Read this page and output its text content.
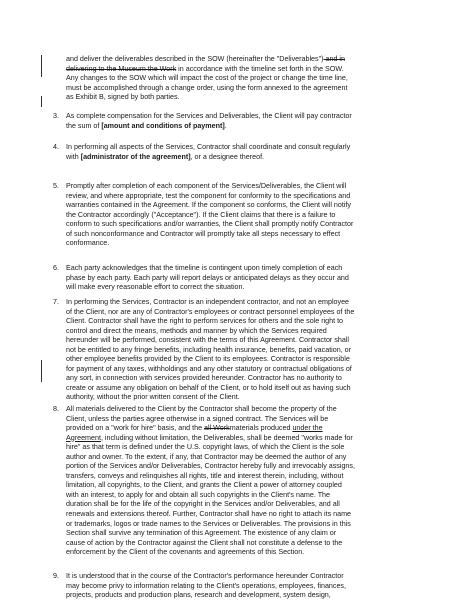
and deliver the deliverables described in the SOW (hereinafter the "Deliverables") and in
delivering to the Museum the Work in accordance with the timeline set forth in the SOW.
Any changes to the SOW which will impact the cost of the project or change the time line,
must be accomplished through a change order, using the form annexed to the agreement
as Exhibit B, signed by both parties.
3. As complete compensation for the Services and Deliverables, the Client will pay contractor
the sum of [amount and conditions of payment].
4. In performing all aspects of the Services, Contractor shall coordinate and consult regularly
with [administrator of the agreement], or a designee thereof.
5. Promptly after completion of each component of the Services/Deliverables, the Client will
review, and where appropriate, test the component for conformity to the specifications and
warranties contained in the Agreement. If the component so conforms, the Client will notify
the Contractor accordingly ("Acceptance"). If the Client claims that there is a failure to
conform to such specifications and/or warranties, the Client shall promptly notify Contractor
of such nonconformance and Contractor will promptly take all steps necessary to effect
conformance.
6. Each party acknowledges that the timeline is contingent upon timely completion of each
phase by each party. Each party will report delays or anticipated delays as they occur and
will make every reasonable effort to correct the situation.
7. In performing the Services, Contractor is an independent contractor, and not an employee
of the Client, nor are any of Contractor's employees or contract personnel employees of the
Client. Contractor shall have the right to perform services for others and the sole right to
control and direct the means, methods and manner by which the Services required
hereunder will be performed, consistent with the terms of this Agreement. Contractor shall
not be entitled to any fringe benefits, including health insurance, benefits, paid vacation, or
other employee benefits provided by the Client to its employees. Contractor is responsible
for payment of any taxes, withholdings and any other statutory or contractual obligations of
any sort, in connection with services provided hereunder. Contractor has no authority to
create or assume any obligation on behalf of the Client, or to hold itself out as having such
authority, without the prior written consent of the Client.
8. All materials delivered to the Client by the Contractor shall become the property of the
Client, unless the parties agree otherwise in a signed contract. The Services will be
provided on a "work for hire" basis, and the all Workmaterials produced under the
Agreement, including without limitation, the Deliverables, shall be deemed "works made for
hire" as that term is defined under the U.S. copyright laws, of which the Client is the sole
author and owner. To the extent, if any, that Contractor may be deemed the author of any
portion of the Services and/or Deliverables, Contractor hereby fully and irrevocably assigns,
transfers, conveys and relinquishes all rights, title and interest therein, including, without
limitation, all copyrights, to the Client, and grants the Client a power of attorney coupled
with an interest, to apply for and obtain all such copyrights in the Client's name. The
duration shall be for the life of the copyright in the Services and/or Deliverables, and all
renewals and extensions thereof. Further, Contractor shall have no right to attach its name
or trademarks, logos or trade names to the Services or Deliverables. The provisions in this
Section shall survive any termination of this Agreement. The existence of any claim or
cause of action by the Contractor against the Client shall not constitute a defense to the
enforcement by the Client of the covenants and agreements of this Section.
9. It is understood that in the course of the Contractor's performance hereunder Contractor
may become privy to information relating to the Client's operations, employees, finances,
projects, products and production plans, research and development, system design,
